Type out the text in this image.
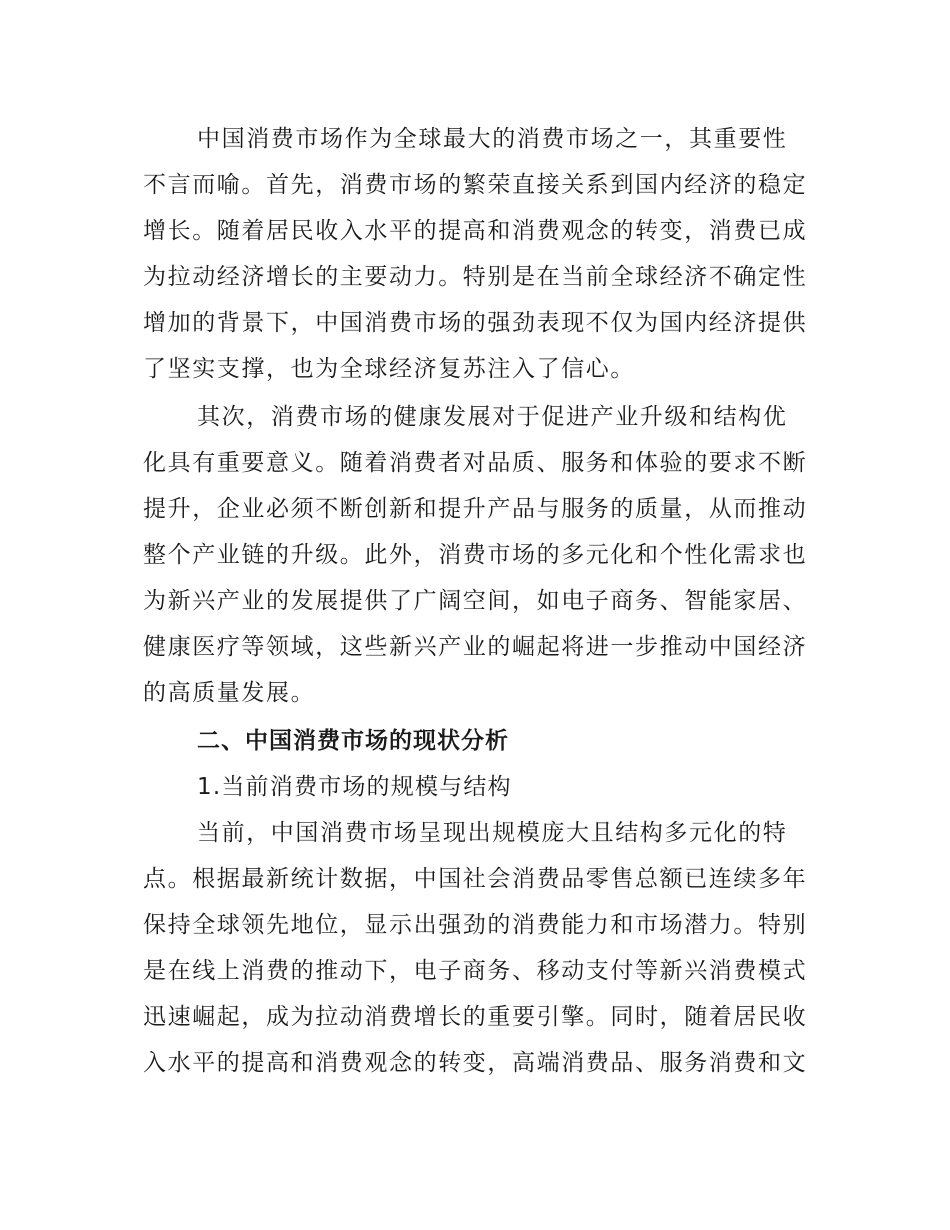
中国消费市场作为全球最大的消费市场之一，其重要性
不言而喻。首先，消费市场的繁荣直接关系到国内经济的稳定
增长。随着居民收入水平的提高和消费观念的转变，消费已成
为拉动经济增长的主要动力。特别是在当前全球经济不确定性
增加的背景下，中国消费市场的强劲表现不仅为国内经济提供
了坚实支撑，也为全球经济复苏注入了信心。
其次，消费市场的健康发展对于促进产业升级和结构优
化具有重要意义。随着消费者对品质、服务和体验的要求不断
提升，企业必须不断创新和提升产品与服务的质量，从而推动
整个产业链的升级。此外，消费市场的多元化和个性化需求也
为新兴产业的发展提供了广阔空间，如电子商务、智能家居、
健康医疗等领域，这些新兴产业的崛起将进一步推动中国经济
的高质量发展。
二、中国消费市场的现状分析
1.当前消费市场的规模与结构
当前，中国消费市场呈现出规模庞大且结构多元化的特
点。根据最新统计数据，中国社会消费品零售总额已连续多年
保持全球领先地位，显示出强劲的消费能力和市场潜力。特别
是在线上消费的推动下，电子商务、移动支付等新兴消费模式
迅速崛起，成为拉动消费增长的重要引擎。同时，随着居民收
入水平的提高和消费观念的转变，高端消费品、服务消费和文
